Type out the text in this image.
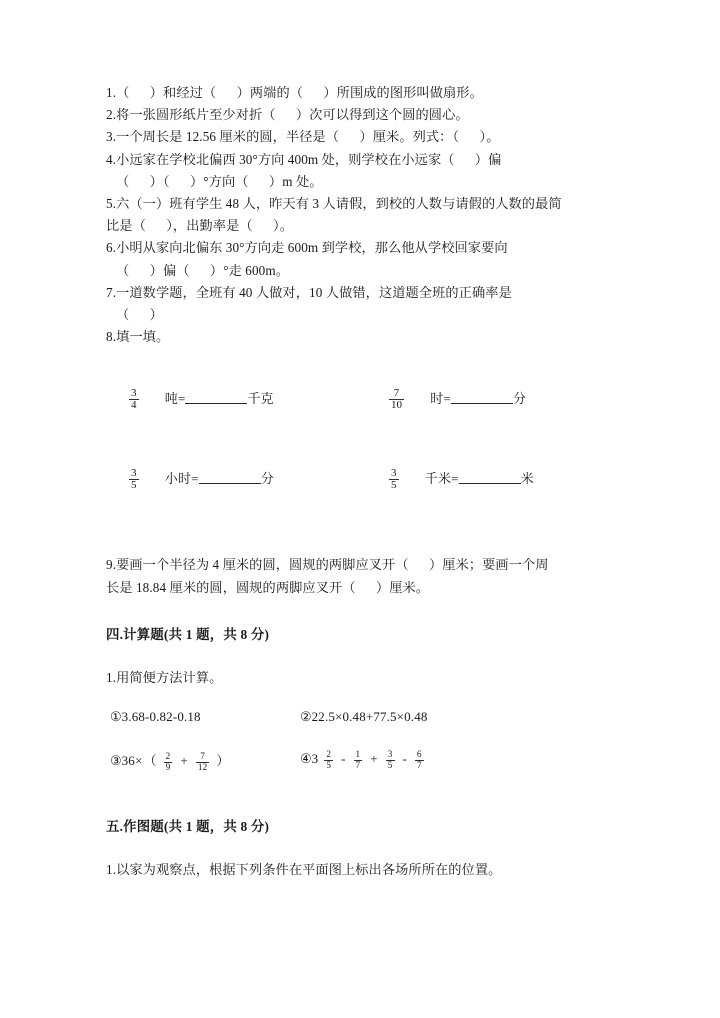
1.（      ）和经过（      ）两端的（      ）所围成的图形叫做扇形。

2.将一张圆形纸片至少对折（      ）次可以得到这个圆的圆心。

3.一个周长是 12.56 厘米的圆，半径是（      ）厘米。列式：（      ）。

4.小远家在学校北偏西 30°方向 400m 处，则学校在小远家（      ）偏

（      ）（      ）°方向（      ）m 处。

5.六（一）班有学生 48 人，昨天有 3 人请假，到校的人数与请假的人数的最简

比是（      ），出勤率是（      ）。

6.小明从家向北偏东 30°方向走 600m 到学校，那么他从学校回家要向

（      ）偏（      ）°走 600m。

7.一道数学题，全班有 40 人做对，10 人做错，这道题全班的正确率是

（      ）

8.填一填。

$\frac{3}{4}$ 吨=	千克	$\frac{7}{10}$ 时=	分
$\frac{3}{5}$ 小时=	分	$\frac{3}{5}$ 千米=	米

9.要画一个半径为 4 厘米的圆，圆规的两脚应叉开（      ）厘米；要画一个周

长是 18.84 厘米的圆，圆规的两脚应叉开（      ）厘米。

四.计算题(共 1 题，共 8 分)

1.用简便方法计算。

①3.68-0.82-0.18	②22.5×0.48+77.5×0.48
③36×（ $\frac{2}{9} + \frac{7}{12}$ ）	④3 $\frac{2}{5} - \frac{1}{7} + \frac{3}{5} - \frac{6}{7}$

五.作图题(共 1 题，共 8 分)

1.以家为观察点，根据下列条件在平面图上标出各场所所在的位置。
